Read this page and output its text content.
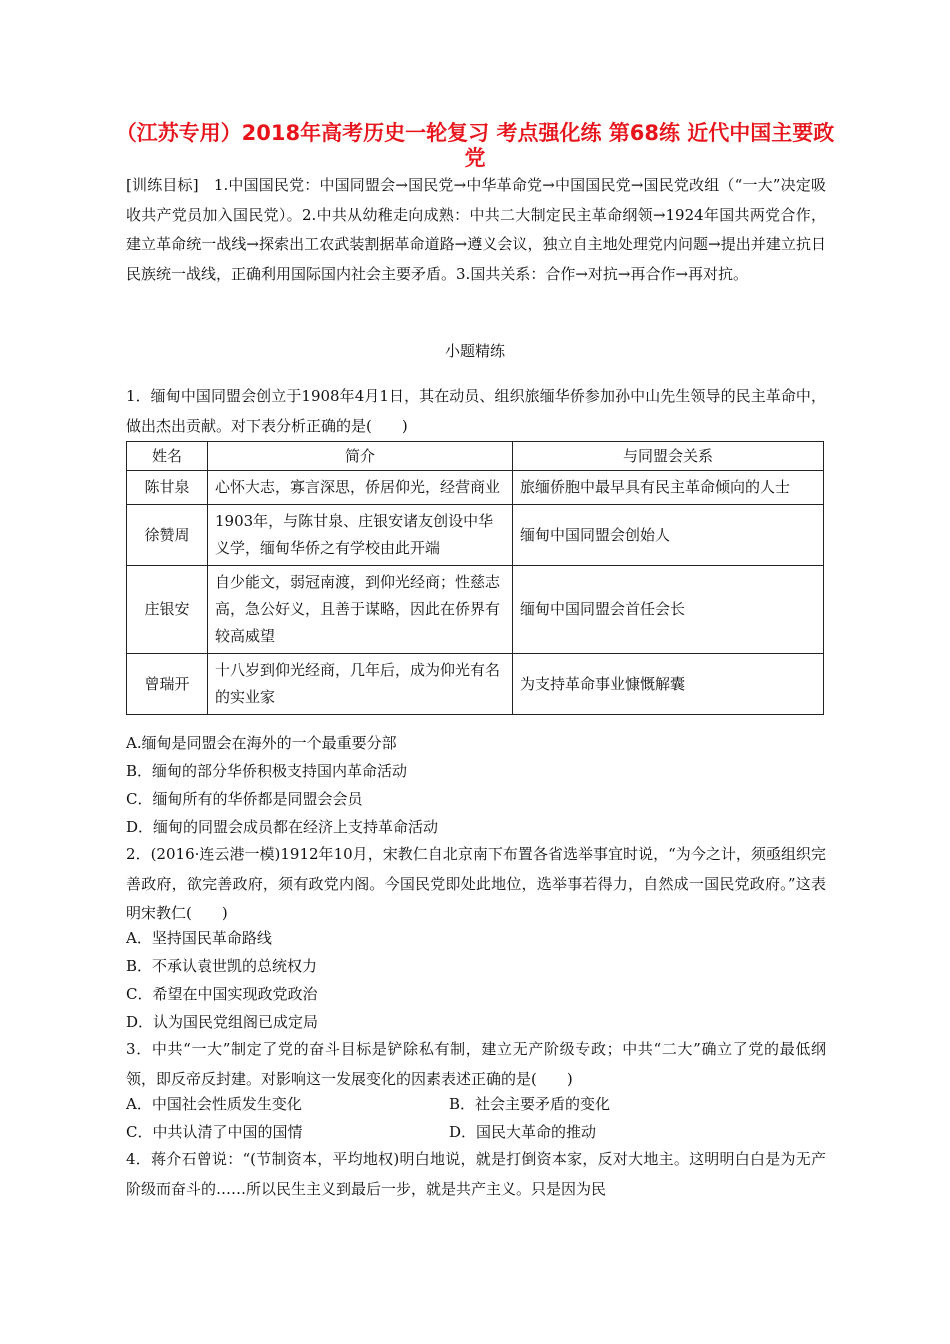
（江苏专用）2018年高考历史一轮复习 考点强化练 第68练 近代中国主要政党
[训练目标]　1.中国国民党：中国同盟会→国民党→中华革命党→中国国民党→国民党改组（“一大”决定吸收共产党员加入国民党）。2.中共从幼稚走向成熟：中共二大制定民主革命纲领→1924年国共两党合作，建立革命统一战线→探索出工农武装割据革命道路→遵义会议，独立自主地处理党内问题→提出并建立抗日民族统一战线，正确利用国际国内社会主要矛盾。3.国共关系：合作→对抗→再合作→再对抗。
小题精练
1．缅甸中国同盟会创立于1908年4月1日，其在动员、组织旅缅华侨参加孙中山先生领导的民主革命中，做出杰出贡献。对下表分析正确的是(　　)
姓名	简介	与同盟会关系
陈甘泉	心怀大志，寡言深思，侨居仰光，经营商业	旅缅侨胞中最早具有民主革命倾向的人士
徐赞周	1903年，与陈甘泉、庄银安诸友创设中华义学，缅甸华侨之有学校由此开端	缅甸中国同盟会创始人
庄银安	自少能文，弱冠南渡，到仰光经商；性慈志高，急公好义，且善于谋略，因此在侨界有较高威望	缅甸中国同盟会首任会长
曾瑞开	十八岁到仰光经商，几年后，成为仰光有名的实业家	为支持革命事业慷慨解囊
A.缅甸是同盟会在海外的一个最重要分部
B．缅甸的部分华侨积极支持国内革命活动
C．缅甸所有的华侨都是同盟会会员
D．缅甸的同盟会成员都在经济上支持革命活动
2．(2016·连云港一模)1912年10月，宋教仁自北京南下布置各省选举事宜时说，“为今之计，须亟组织完善政府，欲完善政府，须有政党内阁。今国民党即处此地位，选举事若得力，自然成一国民党政府。”这表明宋教仁(　　)
A．坚持国民革命路线
B．不承认袁世凯的总统权力
C．希望在中国实现政党政治
D．认为国民党组阁已成定局
3．中共“一大”制定了党的奋斗目标是铲除私有制，建立无产阶级专政；中共“二大”确立了党的最低纲领，即反帝反封建。对影响这一发展变化的因素表述正确的是(　　)
A．中国社会性质发生变化	B．社会主要矛盾的变化
C．中共认清了中国的国情	D．国民大革命的推动
4．蒋介石曾说：“(节制资本，平均地权)明白地说，就是打倒资本家，反对大地主。这明明白白是为无产阶级而奋斗的……所以民生主义到最后一步，就是共产主义。只是因为民
